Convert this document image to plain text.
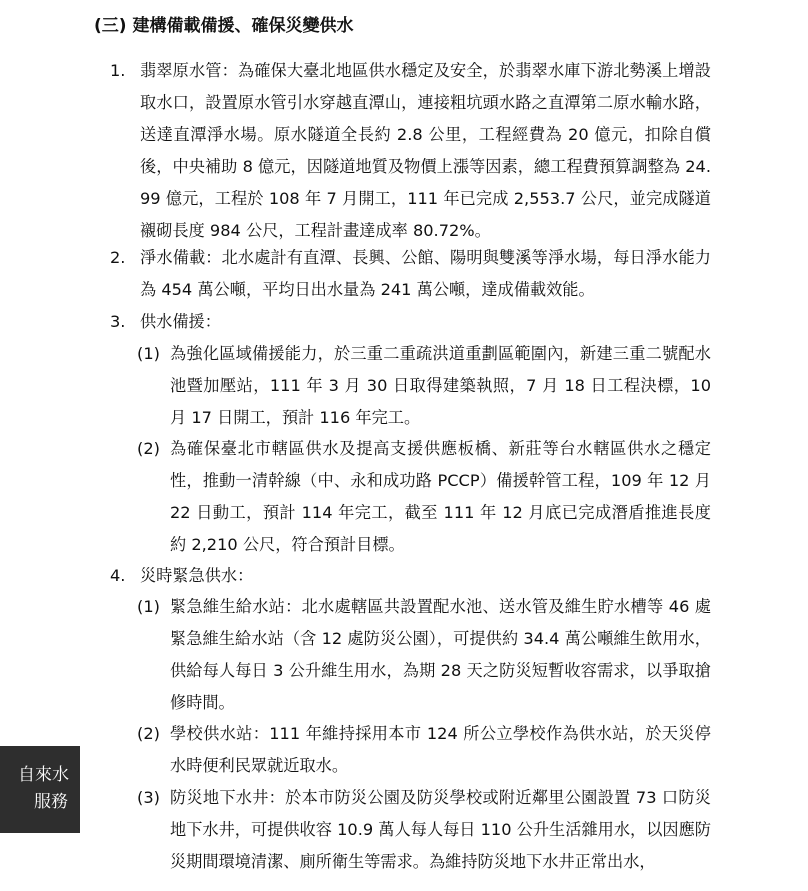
(三) 建構備載備援、確保災變供水
1. 翡翠原水管：為確保大臺北地區供水穩定及安全，於翡翠水庫下游北勢溪上增設取水口，設置原水管引水穿越直潭山，連接粗坑頭水路之直潭第二原水輸水路，送達直潭淨水場。原水隧道全長約 2.8 公里，工程經費為 20 億元，扣除自償後，中央補助 8 億元，因隧道地質及物價上漲等因素，總工程費預算調整為 24.99 億元，工程於 108 年 7 月開工，111 年已完成 2,553.7 公尺，並完成隧道襯砌長度 984 公尺，工程計畫達成率 80.72%。
2. 淨水備載：北水處計有直潭、長興、公館、陽明與雙溪等淨水場，每日淨水能力為 454 萬公噸，平均日出水量為 241 萬公噸，達成備載效能。
3. 供水備援：
(1) 為強化區域備援能力，於三重二重疏洪道重劃區範圍內，新建三重二號配水池暨加壓站，111 年 3 月 30 日取得建築執照，7 月 18 日工程決標，10 月 17 日開工，預計 116 年完工。
(2) 為確保臺北市轄區供水及提高支援供應板橋、新莊等台水轄區供水之穩定性，推動一清幹線（中、永和成功路 PCCP）備援幹管工程，109 年 12 月 22 日動工，預計 114 年完工，截至 111 年 12 月底已完成潛盾推進長度約 2,210 公尺，符合預計目標。
4. 災時緊急供水：
(1) 緊急維生給水站：北水處轄區共設置配水池、送水管及維生貯水槽等 46 處緊急維生給水站（含 12 處防災公園），可提供約 34.4 萬公噸維生飲用水，供給每人每日 3 公升維生用水，為期 28 天之防災短暫收容需求，以爭取搶修時間。
(2) 學校供水站：111 年維持採用本市 124 所公立學校作為供水站，於天災停水時便利民眾就近取水。
(3) 防災地下水井：於本市防災公園及防災學校或附近鄰里公園設置 73 口防災地下水井，可提供收容 10.9 萬人每人每日 110 公升生活雜用水，以因應防災期間環境清潔、廁所衛生等需求。為維持防災地下水井正常出水，
自來水
服務
